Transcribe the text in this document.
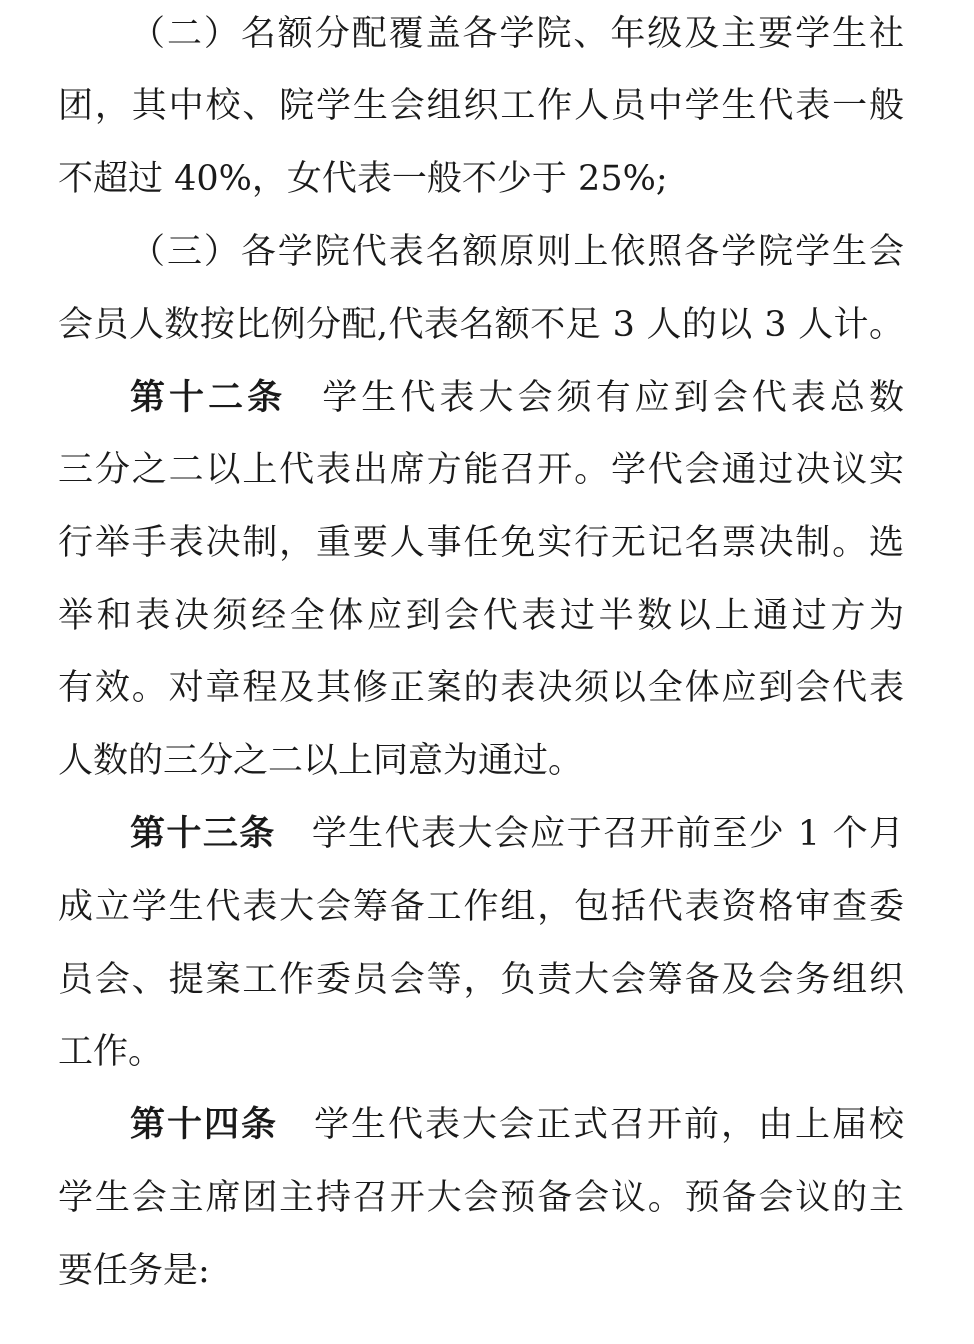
（二）名额分配覆盖各学院、年级及主要学生社

团，其中校、院学生会组织工作人员中学生代表一般

不超过 40%，女代表一般不少于 25%;

（三）各学院代表名额原则上依照各学院学生会

会员人数按比例分配,代表名额不足 3 人的以 3 人计。

第十二条 学生代表大会须有应到会代表总数

三分之二以上代表出席方能召开。学代会通过决议实

行举手表决制，重要人事任免实行无记名票决制。选

举和表决须经全体应到会代表过半数以上通过方为

有效。对章程及其修正案的表决须以全体应到会代表

人数的三分之二以上同意为通过。

第十三条 学生代表大会应于召开前至少 1 个月

成立学生代表大会筹备工作组，包括代表资格审查委

员会、提案工作委员会等，负责大会筹备及会务组织

工作。

第十四条 学生代表大会正式召开前，由上届校

学生会主席团主持召开大会预备会议。预备会议的主

要任务是:
